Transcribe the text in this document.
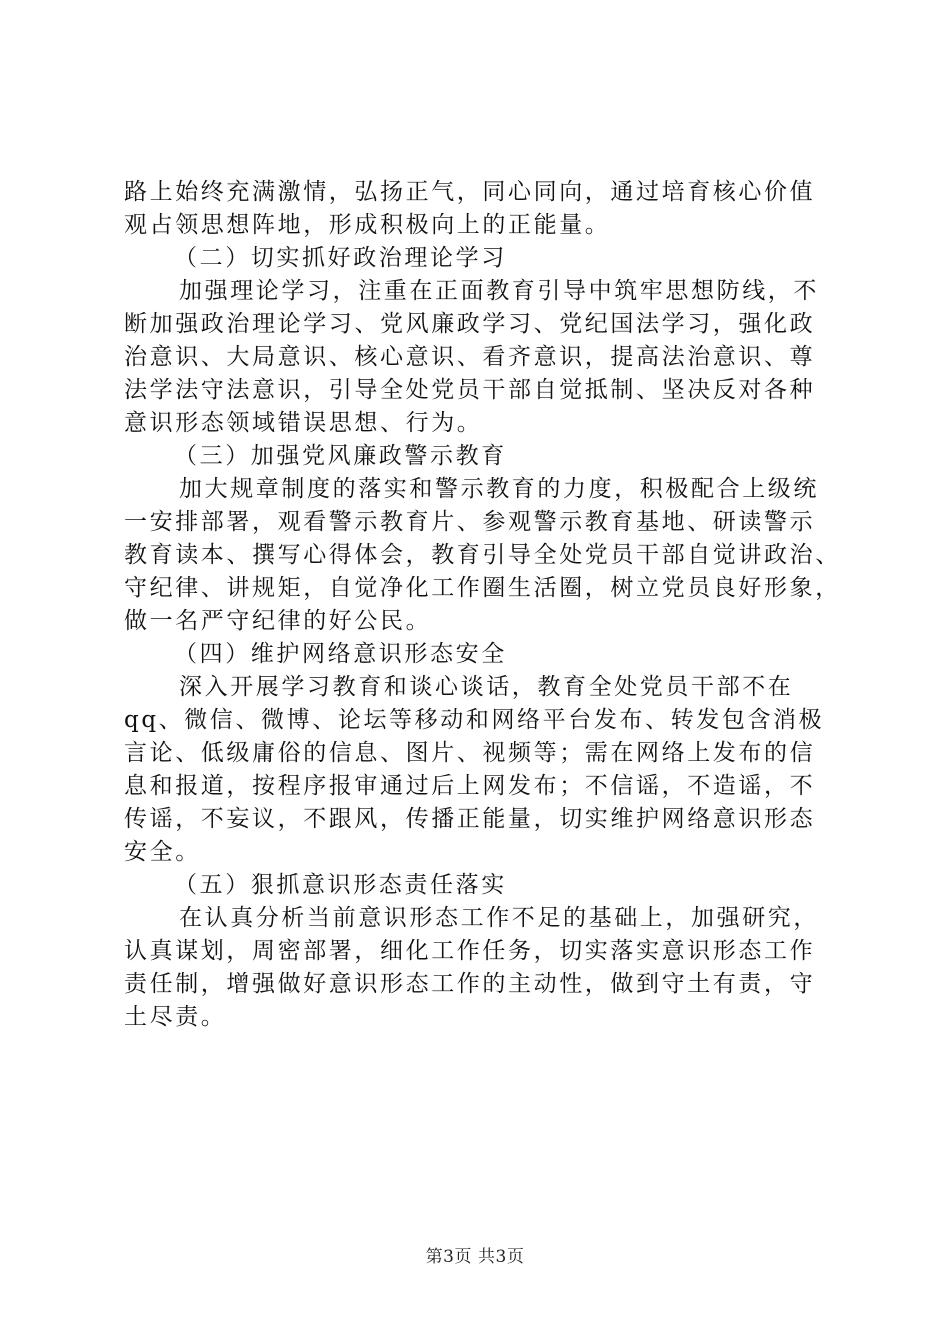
路上始终充满激情，弘扬正气，同心同向，通过培育核心价值
观占领思想阵地，形成积极向上的正能量。
（二）切实抓好政治理论学习
加强理论学习，注重在正面教育引导中筑牢思想防线，不
断加强政治理论学习、党风廉政学习、党纪国法学习，强化政
治意识、大局意识、核心意识、看齐意识，提高法治意识、尊
法学法守法意识，引导全处党员干部自觉抵制、坚决反对各种
意识形态领域错误思想、行为。
（三）加强党风廉政警示教育
加大规章制度的落实和警示教育的力度，积极配合上级统
一安排部署，观看警示教育片、参观警示教育基地、研读警示
教育读本、撰写心得体会，教育引导全处党员干部自觉讲政治、
守纪律、讲规矩，自觉净化工作圈生活圈，树立党员良好形象，
做一名严守纪律的好公民。
（四）维护网络意识形态安全
深入开展学习教育和谈心谈话，教育全处党员干部不在
qq、微信、微博、论坛等移动和网络平台发布、转发包含消极
言论、低级庸俗的信息、图片、视频等；需在网络上发布的信
息和报道，按程序报审通过后上网发布；不信谣，不造谣，不
传谣，不妄议，不跟风，传播正能量，切实维护网络意识形态
安全。
（五）狠抓意识形态责任落实
在认真分析当前意识形态工作不足的基础上，加强研究，
认真谋划，周密部署，细化工作任务，切实落实意识形态工作
责任制，增强做好意识形态工作的主动性，做到守土有责，守
土尽责。
第3页 共3页
